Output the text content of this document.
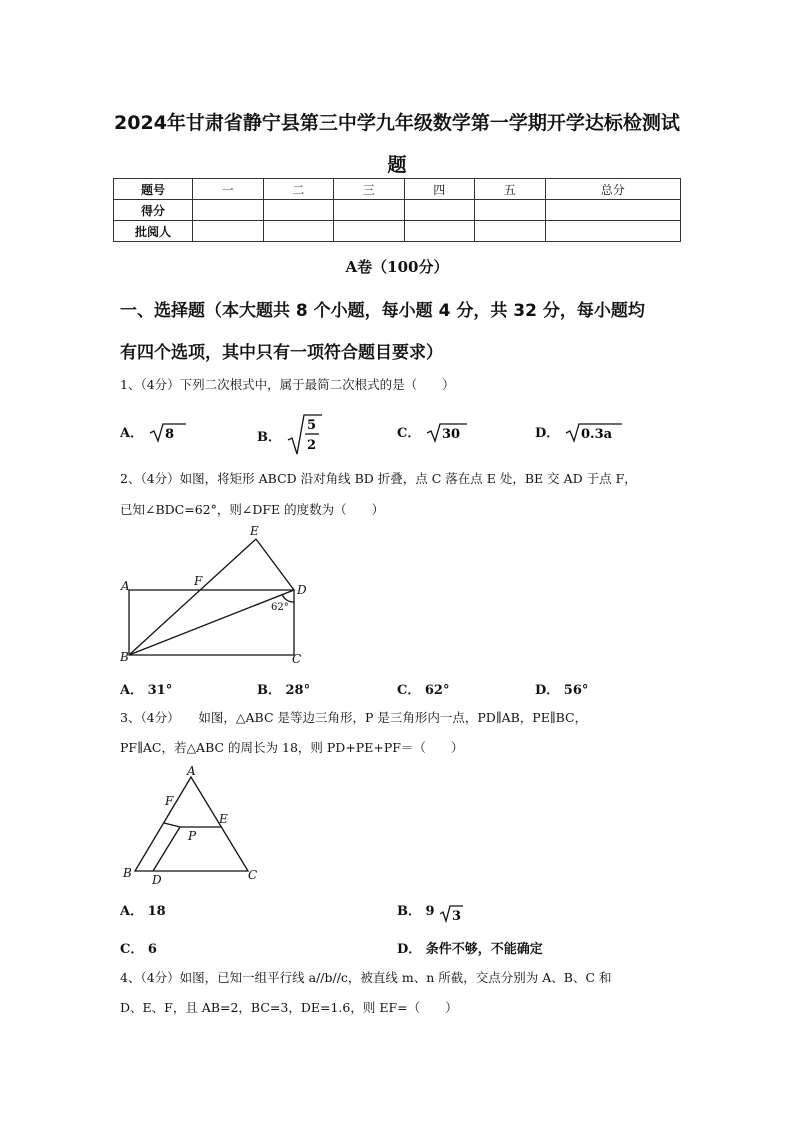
2024年甘肃省静宁县第三中学九年级数学第一学期开学达标检测试
题
题号	一	二	三	四	五	总分
得分						
批阅人						
A卷（100分）
一、选择题（本大题共 8 个小题，每小题 4 分，共 32 分，每小题均
有四个选项，其中只有一项符合题目要求）
1、（4分）下列二次根式中，属于最简二次根式的是（　　）
A． 8	B．
5
2
C． 30	D． 0.3a
2、（4分）如图，将矩形 ABCD 沿对角线 BD 折叠，点 C 落在点 E 处，BE 交 AD 于点 F，
已知∠BDC=62°，则∠DFE 的度数为（　　）
E
A	F
D
B	C
62°
A． 31°	B． 28°	C． 62°	D． 56°
3、（4分）　　如图，△ABC 是等边三角形，P 是三角形内一点，PD∥AB，PE∥BC，
PF∥AC，若△ABC 的周长为 18，则 PD+PE+PF＝（　　）
A
F
E
P
B D	C
A． 18	B． 9 3
C． 6	D． 条件不够，不能确定
4、（4分）如图，已知一组平行线 a//b//c，被直线 m、n 所截，交点分别为 A、B、C 和
D、E、F，且 AB=2，BC=3，DE=1.6，则 EF=（　　）
